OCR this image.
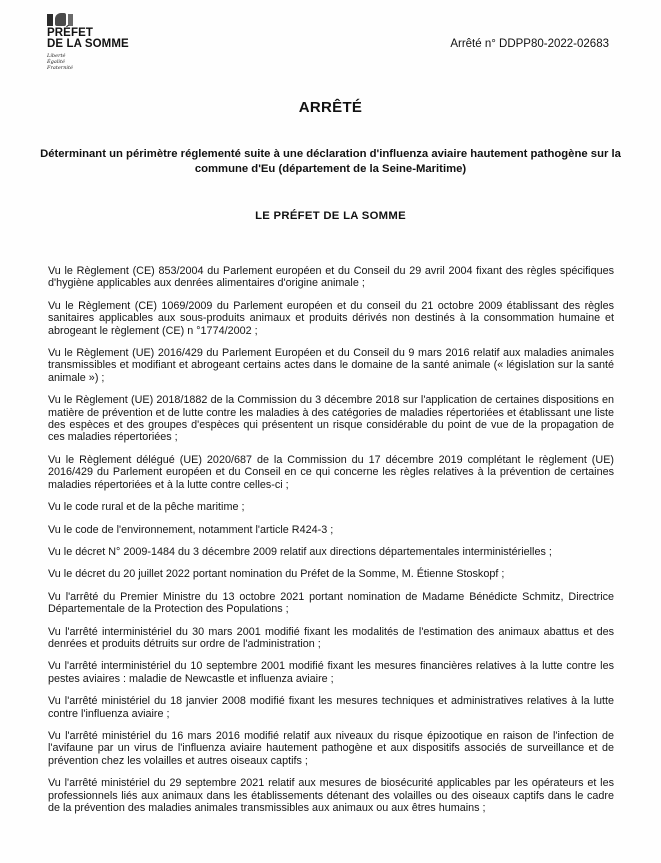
PRÉFET
DE LA SOMME
Liberté
Égalité
Fraternité
Arrêté n° DDPP80-2022-02683
ARRÊTÉ
Déterminant un périmètre réglementé suite à une déclaration d'influenza aviaire hautement pathogène sur la commune d'Eu (département de la Seine-Maritime)
LE PRÉFET DE LA SOMME
Vu le Règlement (CE) 853/2004 du Parlement européen et du Conseil du 29 avril 2004 fixant des règles spécifiques d'hygiène applicables aux denrées alimentaires d'origine animale ;
Vu le Règlement (CE) 1069/2009 du Parlement européen et du conseil du 21 octobre 2009 établissant des règles sanitaires applicables aux sous-produits animaux et produits dérivés non destinés à la consommation humaine et abrogeant le règlement (CE) n °1774/2002 ;
Vu le Règlement (UE) 2016/429 du Parlement Européen et du Conseil du 9 mars 2016 relatif aux maladies animales transmissibles et modifiant et abrogeant certains actes dans le domaine de la santé animale (« législation sur la santé animale ») ;
Vu le Règlement (UE) 2018/1882 de la Commission du 3 décembre 2018 sur l'application de certaines dispositions en matière de prévention et de lutte contre les maladies à des catégories de maladies répertoriées et établissant une liste des espèces et des groupes d'espèces qui présentent un risque considérable du point de vue de la propagation de ces maladies répertoriées ;
Vu le Règlement délégué (UE) 2020/687 de la Commission du 17 décembre 2019 complétant le règlement (UE) 2016/429 du Parlement européen et du Conseil en ce qui concerne les règles relatives à la prévention de certaines maladies répertoriées et à la lutte contre celles-ci ;
Vu le code rural et de la pêche maritime ;
Vu le code de l'environnement, notamment l'article R424-3 ;
Vu le décret N° 2009-1484 du 3 décembre 2009 relatif aux directions départementales interministérielles ;
Vu le décret du 20 juillet 2022 portant nomination du Préfet de la Somme, M. Étienne Stoskopf ;
Vu l'arrêté du Premier Ministre du 13 octobre 2021 portant nomination de Madame Bénédicte Schmitz, Directrice Départementale de la Protection des Populations ;
Vu l'arrêté interministériel du 30 mars 2001 modifié fixant les modalités de l'estimation des animaux abattus et des denrées et produits détruits sur ordre de l'administration ;
Vu l'arrêté interministériel du 10 septembre 2001 modifié fixant les mesures financières relatives à la lutte contre les pestes aviaires : maladie de Newcastle et influenza aviaire ;
Vu l'arrêté ministériel du 18 janvier 2008 modifié fixant les mesures techniques et administratives relatives à la lutte contre l'influenza aviaire ;
Vu l'arrêté ministériel du 16 mars 2016 modifié relatif aux niveaux du risque épizootique en raison de l'infection de l'avifaune par un virus de l'influenza aviaire hautement pathogène et aux dispositifs associés de surveillance et de prévention chez les volailles et autres oiseaux captifs ;
Vu l'arrêté ministériel du 29 septembre 2021 relatif aux mesures de biosécurité applicables par les opérateurs et les professionnels liés aux animaux dans les établissements détenant des volailles ou des oiseaux captifs dans le cadre de la prévention des maladies animales transmissibles aux animaux ou aux êtres humains ;
